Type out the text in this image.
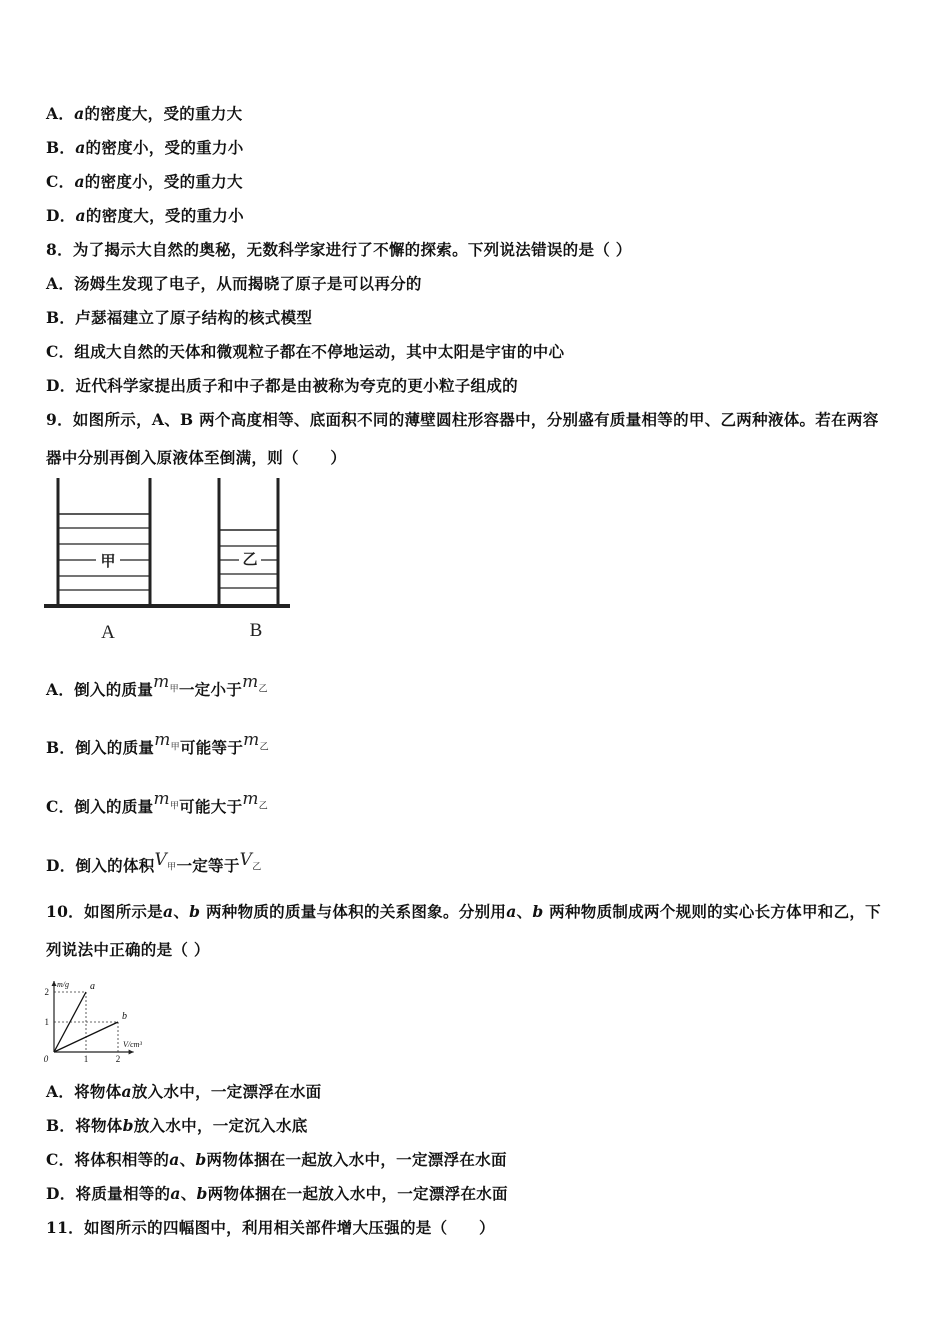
A．a的密度大，受的重力大
B．a的密度小，受的重力小
C．a的密度小，受的重力大
D．a的密度大，受的重力小
8．为了揭示大自然的奥秘，无数科学家进行了不懈的探索。下列说法错误的是（ ）
A．汤姆生发现了电子，从而揭晓了原子是可以再分的
B．卢瑟福建立了原子结构的核式模型
C．组成大自然的天体和微观粒子都在不停地运动，其中太阳是宇宙的中心
D．近代科学家提出质子和中子都是由被称为夸克的更小粒子组成的
9．如图所示，A、B 两个高度相等、底面积不同的薄壁圆柱形容器中，分别盛有质量相等的甲、乙两种液体。若在两容
器中分别再倒入原液体至倒满，则（　　）
甲	乙
A	B
A．倒入的质量$m_甲$一定小于$m_乙$
B．倒入的质量$m_甲$可能等于$m_乙$
C．倒入的质量$m_甲$可能大于$m_乙$
D．倒入的体积$V_甲$一定等于$V_乙$
10．如图所示是a、b 两种物质的质量与体积的关系图象。分别用a、b 两种物质制成两个规则的实心长方体甲和乙，下
列说法中正确的是（ ）
a
b
0	1	2
1
2
m/g
V/cm³
A．将物体a放入水中，一定漂浮在水面
B．将物体b放入水中，一定沉入水底
C．将体积相等的a、b两物体捆在一起放入水中，一定漂浮在水面
D．将质量相等的a、b两物体捆在一起放入水中，一定漂浮在水面
11．如图所示的四幅图中，利用相关部件增大压强的是（　　）
